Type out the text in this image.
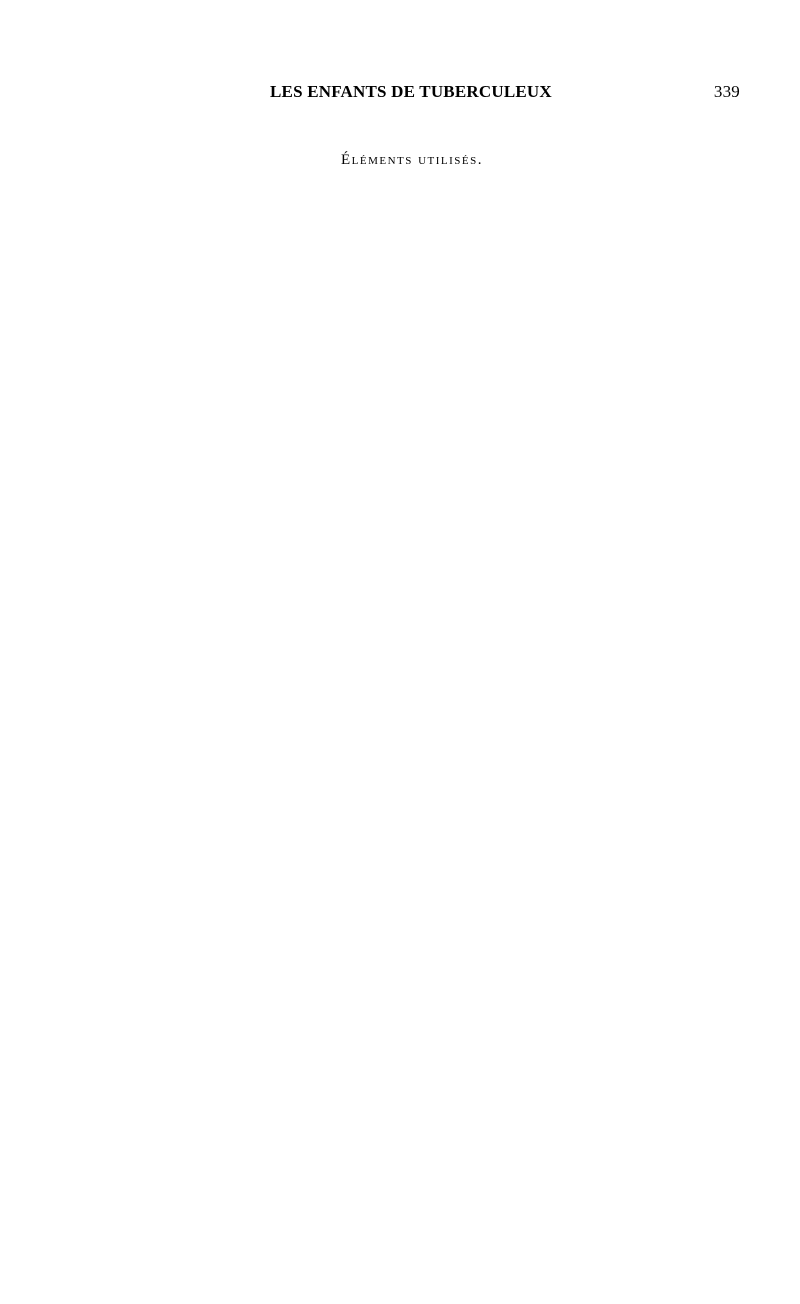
LES ENFANTS DE TUBERCULEUX	339
Éléments utilisés.
